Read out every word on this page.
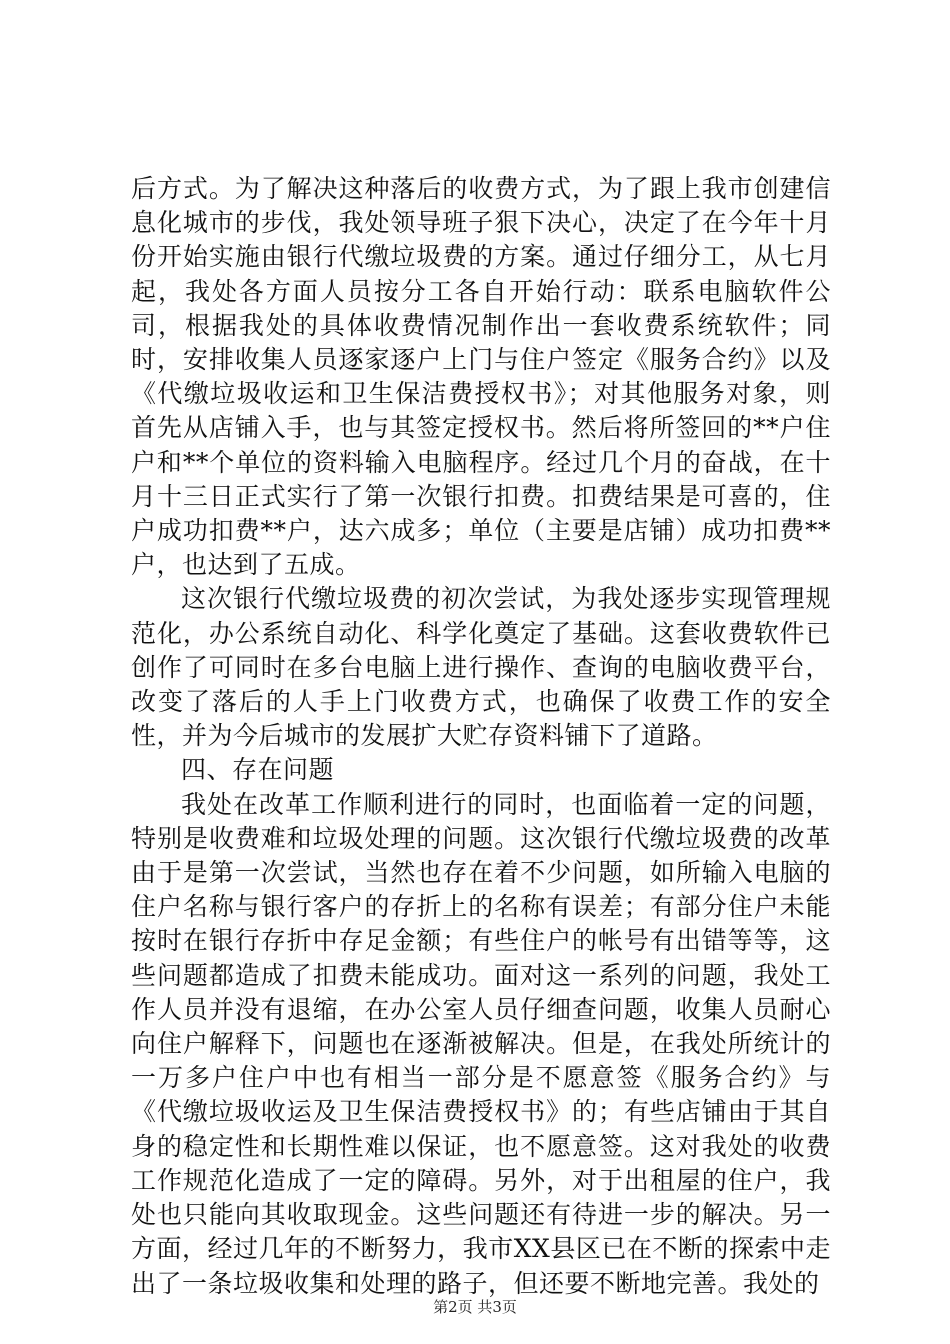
后方式。为了解决这种落后的收费方式，为了跟上我市创建信息化城市的步伐，我处领导班子狠下决心，决定了在今年十月份开始实施由银行代缴垃圾费的方案。通过仔细分工，从七月起，我处各方面人员按分工各自开始行动：联系电脑软件公司，根据我处的具体收费情况制作出一套收费系统软件；同时，安排收集人员逐家逐户上门与住户签定《服务合约》以及《代缴垃圾收运和卫生保洁费授权书》；对其他服务对象，则首先从店铺入手，也与其签定授权书。然后将所签回的**户住户和**个单位的资料输入电脑程序。经过几个月的奋战，在十月十三日正式实行了第一次银行扣费。扣费结果是可喜的，住户成功扣费**户，达六成多；单位（主要是店铺）成功扣费**户，也达到了五成。

这次银行代缴垃圾费的初次尝试，为我处逐步实现管理规范化，办公系统自动化、科学化奠定了基础。这套收费软件已创作了可同时在多台电脑上进行操作、查询的电脑收费平台，改变了落后的人手上门收费方式，也确保了收费工作的安全性，并为今后城市的发展扩大贮存资料铺下了道路。

四、存在问题

我处在改革工作顺利进行的同时，也面临着一定的问题，特别是收费难和垃圾处理的问题。这次银行代缴垃圾费的改革由于是第一次尝试，当然也存在着不少问题，如所输入电脑的住户名称与银行客户的存折上的名称有误差；有部分住户未能按时在银行存折中存足金额；有些住户的帐号有出错等等，这些问题都造成了扣费未能成功。面对这一系列的问题，我处工作人员并没有退缩，在办公室人员仔细查问题，收集人员耐心向住户解释下，问题也在逐渐被解决。但是，在我处所统计的一万多户住户中也有相当一部分是不愿意签《服务合约》与《代缴垃圾收运及卫生保洁费授权书》的；有些店铺由于其自身的稳定性和长期性难以保证，也不愿意签。这对我处的收费工作规范化造成了一定的障碍。另外，对于出租屋的住户，我处也只能向其收取现金。这些问题还有待进一步的解决。另一方面，经过几年的不断努力，我市XX县区已在不断的探索中走出了一条垃圾收集和处理的路子，但还要不断地完善。我处的

第2页 共3页
